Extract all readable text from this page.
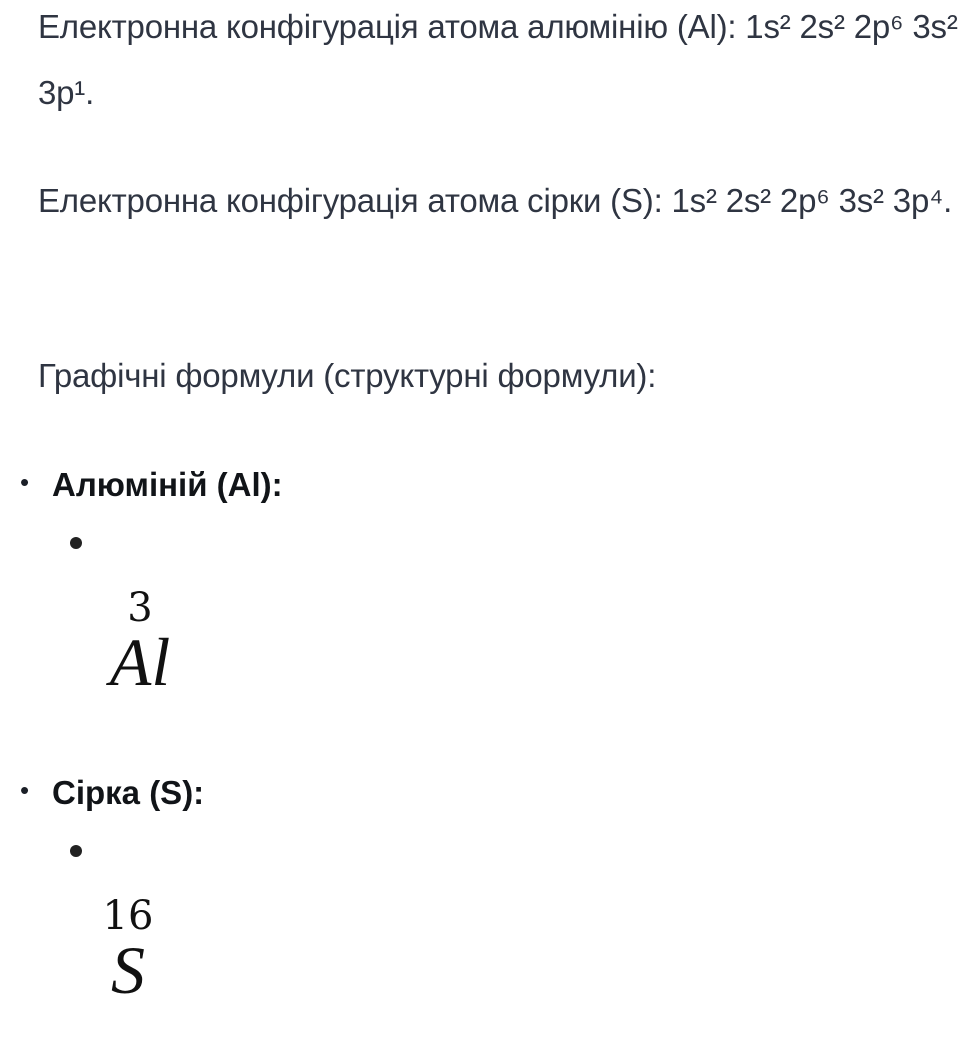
Електронна конфігурація атома алюмінію (Al): 1s² 2s² 2p⁶ 3s² 3p¹.

Електронна конфігурація атома сірки (S): 1s² 2s² 2p⁶ 3s² 3p⁴.

Графічні формули (структурні формули):

• Алюміній (Al):

3
Al
• Сірка (S):

16
S
